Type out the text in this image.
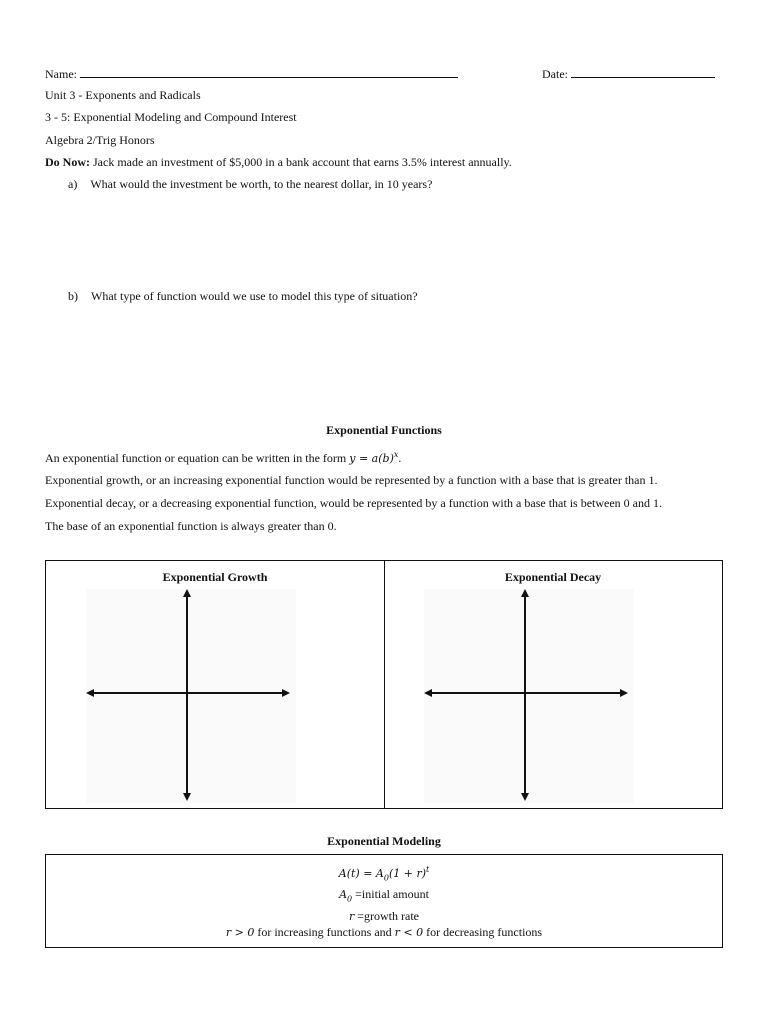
Name:	Date:
Unit 3 - Exponents and Radicals
3 - 5: Exponential Modeling and Compound Interest
Algebra 2/Trig Honors
Do Now: Jack made an investment of $5,000 in a bank account that earns 3.5% interest annually.
a) What would the investment be worth, to the nearest dollar, in 10 years?
b) What type of function would we use to model this type of situation?
Exponential Functions
An exponential function or equation can be written in the form $y = a(b)^x$.
Exponential growth, or an increasing exponential function would be represented by a function with a base that is greater than 1.
Exponential decay, or a decreasing exponential function, would be represented by a function with a base that is between 0 and 1.
The base of an exponential function is always greater than 0.
Exponential Growth	Exponential Decay
Exponential Modeling
$A(t) = A_0(1 + r)^t$
$A_0$ =initial amount
r =growth rate
r > 0 for increasing functions and r < 0 for decreasing functions
